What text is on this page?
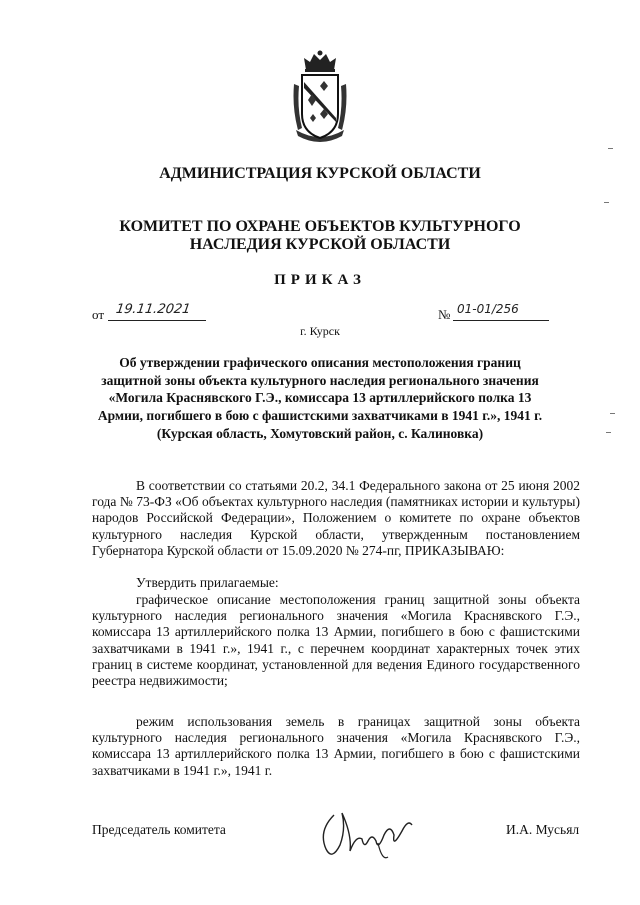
АДМИНИСТРАЦИЯ КУРСКОЙ ОБЛАСТИ
КОМИТЕТ ПО ОХРАНЕ ОБЪЕКТОВ КУЛЬТУРНОГО НАСЛЕДИЯ КУРСКОЙ ОБЛАСТИ
ПРИКАЗ
от 19.11.2021	№ 01-01/256
г. Курск
Об утверждении графического описания местоположения границ защитной зоны объекта культурного наследия регионального значения «Могила Краснявского Г.Э., комиссара 13 артиллерийского полка 13 Армии, погибшего в бою с фашистскими захватчиками в 1941 г.», 1941 г. (Курская область, Хомутовский район, с. Калиновка)
В соответствии со статьями 20.2, 34.1 Федерального закона от 25 июня 2002 года № 73-ФЗ «Об объектах культурного наследия (памятниках истории и культуры) народов Российской Федерации», Положением о комитете по охране объектов культурного наследия Курской области, утвержденным постановлением Губернатора Курской области от 15.09.2020 № 274-пг, ПРИКАЗЫВАЮ:
Утвердить прилагаемые:
графическое описание местоположения границ защитной зоны объекта культурного наследия регионального значения «Могила Краснявского Г.Э., комиссара 13 артиллерийского полка 13 Армии, погибшего в бою с фашистскими захватчиками в 1941 г.», 1941 г., с перечнем координат характерных точек этих границ в системе координат, установленной для ведения Единого государственного реестра недвижимости;
режим использования земель в границах защитной зоны объекта культурного наследия регионального значения «Могила Краснявского Г.Э., комиссара 13 артиллерийского полка 13 Армии, погибшего в бою с фашистскими захватчиками в 1941 г.», 1941 г.
Председатель комитета	И.А. Мусьял
